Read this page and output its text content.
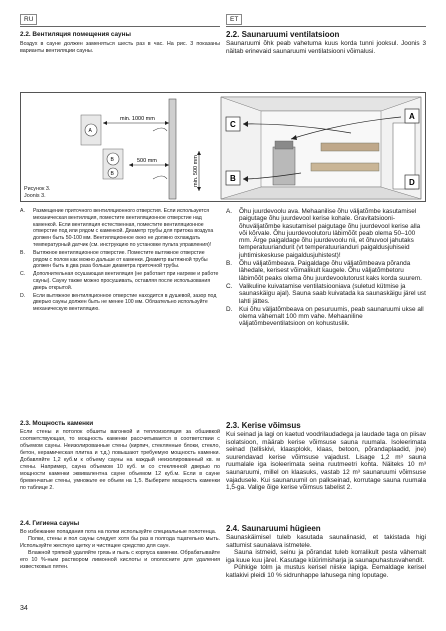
RU	ET
2.2. Вентиляция помещения сауны
Воздух в сауне должен заменяться шесть раз в час. На рис. 3 показаны варианты вентиляции сауны.
2.2. Saunaruumi ventilatsioon
Saunaruumi õhk peab vahetuma kuus korda tunni jooksul. Joonis 3 näitab erinevaid saunaruumi ventilatsiooni võimalusi.
min. 1000 mm
A
500 mm
B
B	min. 500 mm
C
B
A
D
Рисунок 3.
Joonis 3.
A. Размещение приточного вентиляционного отверстия. Если используется механическая вентиляция, поместите вентиляционное отверстие над каменкой. Если вентиляция естественная, поместите вентиляционное отверстие под или рядом с каменкой. Диаметр трубы для притока воздуха должен быть 50-100 мм. Вентиляционное окно не должно охлаждать температурный датчик (см. инструкцию по установке пульта управления)!
B. Вытяжное вентиляционное отверстие. Поместите вытяжное отверстие рядом с полом как можно дальше от каменки. Диаметр вытяжной трубы должен быть в два раза больше диаметра приточной трубы.
C. Дополнительная осушающая вентиляция (не работает при нагреве и работе сауны). Сауну также можно просушивать, оставляя после использования дверь открытой.
D. Если вытяжное вентиляционное отверстие находится в душевой, зазор под дверью сауны должен быть не менее 100 мм. Обязательно используйте механическую вентиляцию.
A. Õhu juurdevoolu ava. Mehaanilise õhu väljatõmbe kasutamisel paigutage õhu juurdevool kerise kohale. Gravitatsiooni-õhuväljatõmbe kasutamisel paigutage õhu juurdevool kerise alla või kõrvale. Õhu juurdevoolutoru läbimõõt peab olema 50–100 mm. Ärge paigaldage õhu juurdevoolu nii, et õhuvool jahutaks temperatuuriandurit (vt temperatuurianduri paigaldusjuhiseid juhtimiskeskuse paigaldusjuhistest)!
B. Õhu väljatõmbeava. Paigaldage õhu väljatõmbeava põranda lähedale, kerisest võimalikult kaugele. Õhu väljatõmbetoru läbimõõt peaks olema õhu juurdevoolutorust kaks korda suurem.
C. Valikuline kuivatamise ventilatsiooniava (suletud kütmise ja saunaskäigu ajal). Sauna saab kuivatada ka saunaskäigu järel ust lahti jättes.
D. Kui õhu väljatõmbeava on pesuruumis, peab saunaruumi ukse all olema vähemalt 100 mm vahe. Mehaaniline väljatõmbeventilatsioon on kohustuslik.
2.3. Мощность каменки
Если стены и потолок обшиты вагонкой и теплоизоляция за обшивкой соответствующая, то мощность каменки рассчитывается в соответствии с объемом сауны. Неизолированные стены (кирпич, стеклянные блоки, стекло, бетон, керамическая плитка и т.д.) повышают требуемую мощность каменки. Добавляйте 1,2 куб.м к объему сауны на каждый неизолированный кв. м стены. Например, сауна объемом 10 куб. м со стеклянной дверью по мощности каменки эквивалентна сауне объемом 12 куб.м. Если в сауне бревенчатые стены, умножьте ее объем на 1,5. Выберите мощность каменки по таблице 2.
2.3. Kerise võimsus
Kui seinad ja lagi on kaetud voodrilaudadega ja laudade taga on piisav isolatsioon, määrab kerise võimsuse sauna ruumala. Isoleerimata seinad (telliskivi, klaasplokk, klaas, betoon, põrandaplaadid, jne) suurendavad kerise võimsuse vajadust. Lisage 1,2 m³ sauna ruumalale iga isoleerimata seina ruutmeetri kohta. Näiteks 10 m³ saunaruumi, millel on klaasuks, vastab 12 m³ saunaruumi võimsuse vajadusele. Kui saunaruumil on palkseinad, korrutage sauna ruumala 1,5-ga. Valige õige kerise võimsus tabelist 2.
2.4. Гигиена сауны
Во избежание попадания пота на полки используйте специальные полотенца.
Полки, стены и пол сауны следует хотя бы раз в полгода тщательно мыть. Используйте жесткую щетку и чистящее средство для саун.
Влажной тряпкой удаляйте грязь и пыль с корпуса каменки. Обрабатывайте его 10 %-ным раствором лимонной кислоты и ополосните для удаления известковых пятен.
2.4. Saunaruumi hügieen
Saunaskäimisel tuleb kasutada saunalinasid, et takistada higi sattumist saunalava istmetele.
Sauna istmeid, seinu ja põrandat tuleb korralikult pesta vähemalt iga kuue kuu järel. Kasutage küürimisharja ja saunapuhastusvahendit.
Pühkige tolm ja mustus kerisel niiske lapiga. Eemaldage kerisel katlakivi pleidi 10 % sidrunhappe lahusega ning loputage.
34
